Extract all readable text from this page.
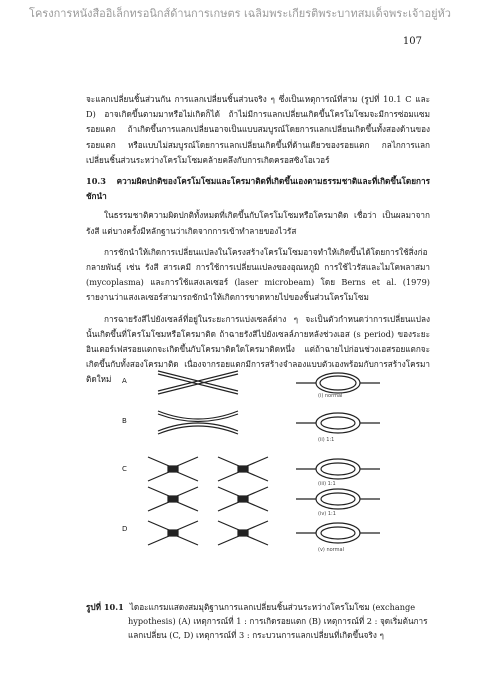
โครงการหนังสืออิเล็กทรอนิกส์ด้านการเกษตร เฉลิมพระเกียรติพระบาทสมเด็จพระเจ้าอยู่หัว
107

จะแลกเปลี่ยนชิ้นส่วนกัน การแลกเปลี่ยนชิ้นส่วนจริง ๆ ซึ่งเป็นเหตุการณ์ที่สาม (รูปที่ 10.1 C และ D) อาจเกิดขึ้นตามมาหรือไม่เกิดก็ได้ ถ้าไม่มีการแลกเปลี่ยนเกิดขึ้นโครโมโซมจะมีการซ่อมแซมรอยแตก ถ้าเกิดขึ้นการแลกเปลี่ยนอาจเป็นแบบสมบูรณ์โดยการแลกเปลี่ยนเกิดขึ้นทั้งสองด้านของรอยแตก หรือแบบไม่สมบูรณ์โดยการแลกเปลี่ยนเกิดขึ้นที่ด้านเดียวของรอยแตก กลไกการแลกเปลี่ยนชิ้นส่วนระหว่างโครโมโซมคล้ายคลึงกับการเกิดครอสซิงโอเวอร์

10.3 ความผิดปกติของโครโมโซมและโครมาติดที่เกิดขึ้นเองตามธรรมชาติและที่เกิดขึ้นโดยการชักนำ

ในธรรมชาติความผิดปกติทั้งหมดที่เกิดขึ้นกับโครโมโซมหรือโครมาติด เชื่อว่า เป็นผลมาจากรังสี แต่บางครั้งมีหลักฐานว่าเกิดจากการเข้าทำลายของไวรัส

การชักนำให้เกิดการเปลี่ยนแปลงในโครงสร้างโครโมโซมอาจทำให้เกิดขึ้นได้โดยการใช้สิ่งก่อกลายพันธุ์ เช่น รังสี สารเคมี การใช้การเปลี่ยนแปลงของอุณหภูมิ การใช้ไวรัสและไมโคพลาสมา (mycoplasma) และการใช้แสงเลเซอร์ (laser microbeam) โดย Berns et al. (1979) รายงานว่าแสงเลเซอร์สามารถชักนำให้เกิดการขาดหายไปของชิ้นส่วนโครโมโซม

การฉายรังสีไปยังเซลล์ที่อยู่ในระยะการแบ่งเซลล์ต่าง ๆ จะเป็นตัวกำหนดว่าการเปลี่ยนแปลงนั้นเกิดขึ้นที่โครโมโซมหรือโครมาติด ถ้าฉายรังสีไปยังเซลล์ภายหลังช่วงเอส (s period) ของระยะอินเตอร์เฟสรอยแตกจะเกิดขึ้นกับโครมาติดใดโครมาติดหนึ่ง แต่ถ้าฉายไปก่อนช่วงเอสรอยแตกจะเกิดขึ้นกับทั้งสองโครมาติด เนื่องจากรอยแตกมีการสร้างจำลองแบบตัวเองพร้อมกับการสร้างโครมาติดใหม่	A
B
C
D
(i) normal
(ii) 1:1
(iii) 1:1
(iv) 1:1
(v) normal
รูปที่ 10.1 ไดอะแกรมแสดงสมมุติฐานการแลกเปลี่ยนชิ้นส่วนระหว่างโครโมโซม (exchange
hypothesis) (A) เหตุการณ์ที่ 1 : การเกิดรอยแตก (B) เหตุการณ์ที่ 2 : จุดเริ่มต้นการ
แลกเปลี่ยน (C, D) เหตุการณ์ที่ 3 : กระบวนการแลกเปลี่ยนที่เกิดขึ้นจริง ๆ
